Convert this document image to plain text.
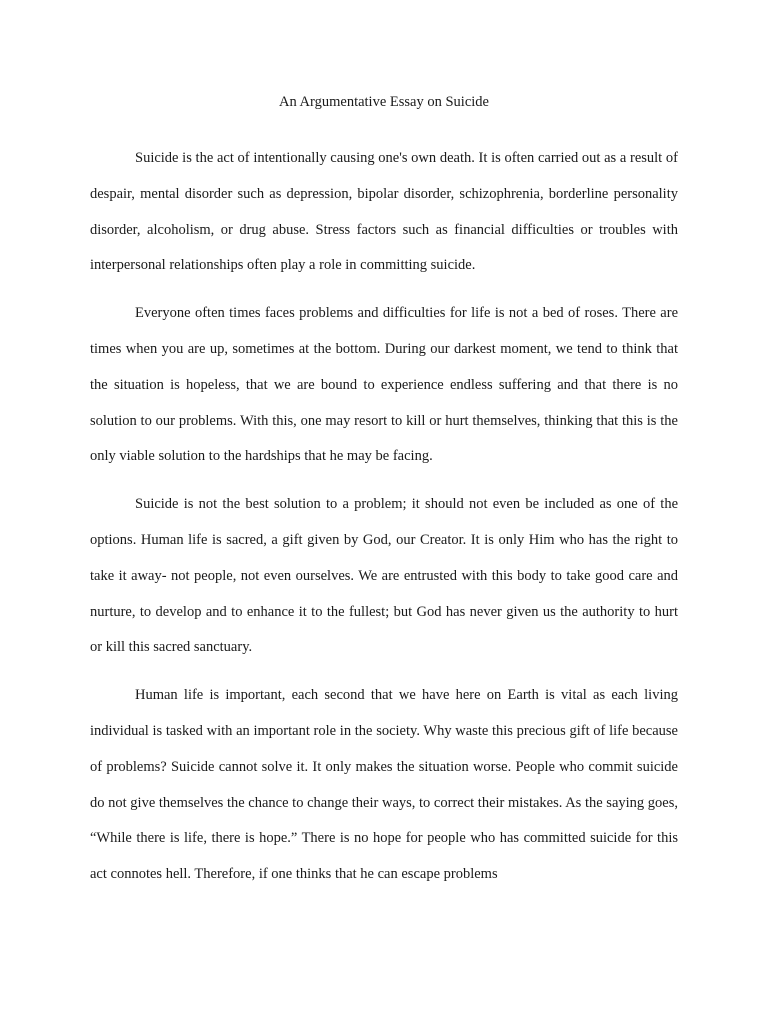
An Argumentative Essay on Suicide

Suicide is the act of intentionally causing one's own death. It is often carried out as a result of despair, mental disorder such as depression, bipolar disorder, schizophrenia, borderline personality disorder, alcoholism, or drug abuse. Stress factors such as financial difficulties or troubles with interpersonal relationships often play a role in committing suicide.

Everyone often times faces problems and difficulties for life is not a bed of roses. There are times when you are up, sometimes at the bottom. During our darkest moment, we tend to think that the situation is hopeless, that we are bound to experience endless suffering and that there is no solution to our problems. With this, one may resort to kill or hurt themselves, thinking that this is the only viable solution to the hardships that he may be facing.

Suicide is not the best solution to a problem; it should not even be included as one of the options. Human life is sacred, a gift given by God, our Creator. It is only Him who has the right to take it away- not people, not even ourselves. We are entrusted with this body to take good care and nurture, to develop and to enhance it to the fullest; but God has never given us the authority to hurt or kill this sacred sanctuary.

Human life is important, each second that we have here on Earth is vital as each living individual is tasked with an important role in the society. Why waste this precious gift of life because of problems? Suicide cannot solve it. It only makes the situation worse. People who commit suicide do not give themselves the chance to change their ways, to correct their mistakes. As the saying goes, “While there is life, there is hope.” There is no hope for people who has committed suicide for this act connotes hell. Therefore, if one thinks that he can escape problems
